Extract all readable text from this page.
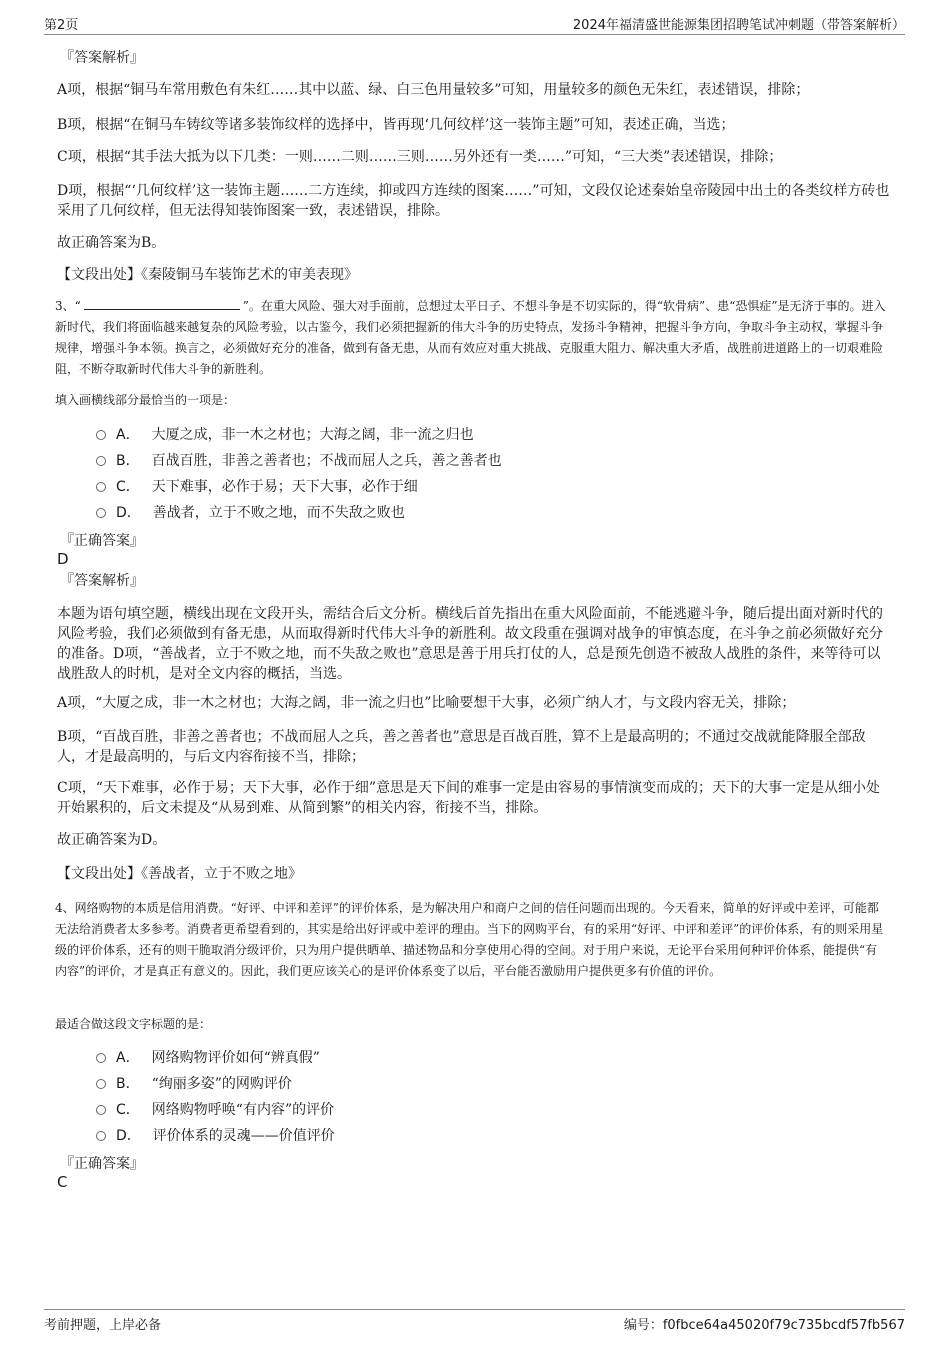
第2页	2024年福清盛世能源集团招聘笔试冲刺题（带答案解析）
『答案解析』
A项，根据“铜马车常用敷色有朱红……其中以蓝、绿、白三色用量较多”可知，用量较多的颜色无朱红，表述错误，排除；
B项，根据“在铜马车铸纹等诸多装饰纹样的选择中，皆再现‘几何纹样’这一装饰主题”可知，表述正确，当选；
C项，根据“其手法大抵为以下几类：一则……二则……三则……另外还有一类……”可知，“三大类”表述错误，排除；
D项，根据“‘几何纹样’这一装饰主题……二方连续，抑或四方连续的图案……”可知，文段仅论述秦始皇帝陵园中出土的各类纹样方砖也采用了几何纹样，但无法得知装饰图案一致，表述错误，排除。
故正确答案为B。
【文段出处】《秦陵铜马车装饰艺术的审美表现》
3、“	”。在重大风险、强大对手面前，总想过太平日子、不想斗争是不切实际的，得“软骨病”、患“恐惧症”是无济于事的。进入新时代，我们将面临越来越复杂的风险考验，以古鉴今，我们必须把握新的伟大斗争的历史特点，发扬斗争精神，把握斗争方向，争取斗争主动权，掌握斗争规律，增强斗争本领。换言之，必须做好充分的准备，做到有备无患，从而有效应对重大挑战、克服重大阻力、解决重大矛盾，战胜前进道路上的一切艰难险阻，不断夺取新时代伟大斗争的新胜利。
填入画横线部分最恰当的一项是：
A． 大厦之成，非一木之材也；大海之阔，非一流之归也
B． 百战百胜，非善之善者也；不战而屈人之兵，善之善者也
C． 天下难事，必作于易；天下大事，必作于细
D． 善战者，立于不败之地，而不失敌之败也
『正确答案』
D
『答案解析』
本题为语句填空题，横线出现在文段开头，需结合后文分析。横线后首先指出在重大风险面前，不能逃避斗争，随后提出面对新时代的风险考验，我们必须做到有备无患，从而取得新时代伟大斗争的新胜利。故文段重在强调对战争的审慎态度，在斗争之前必须做好充分的准备。D项，“善战者，立于不败之地，而不失敌之败也”意思是善于用兵打仗的人，总是预先创造不被敌人战胜的条件，来等待可以战胜敌人的时机，是对全文内容的概括，当选。
A项，“大厦之成，非一木之材也；大海之阔，非一流之归也”比喻要想干大事，必须广纳人才，与文段内容无关，排除；
B项，“百战百胜，非善之善者也；不战而屈人之兵，善之善者也”意思是百战百胜，算不上是最高明的；不通过交战就能降服全部敌人，才是最高明的，与后文内容衔接不当，排除；
C项，“天下难事，必作于易；天下大事，必作于细”意思是天下间的难事一定是由容易的事情演变而成的；天下的大事一定是从细小处开始累积的，后文未提及“从易到难、从简到繁”的相关内容，衔接不当，排除。
故正确答案为D。
【文段出处】《善战者，立于不败之地》
4、网络购物的本质是信用消费。“好评、中评和差评”的评价体系，是为解决用户和商户之间的信任问题而出现的。今天看来，简单的好评或中差评，可能都无法给消费者太多参考。消费者更希望看到的，其实是给出好评或中差评的理由。当下的网购平台，有的采用“好评、中评和差评”的评价体系，有的则采用星级的评价体系，还有的则干脆取消分级评价，只为用户提供晒单、描述物品和分享使用心得的空间。对于用户来说，无论平台采用何种评价体系，能提供“有内容”的评价，才是真正有意义的。因此，我们更应该关心的是评价体系变了以后，平台能否激励用户提供更多有价值的评价。
最适合做这段文字标题的是：
A． 网络购物评价如何“辨真假”
B． “绚丽多姿”的网购评价
C． 网络购物呼唤“有内容”的评价
D． 评价体系的灵魂——价值评价
『正确答案』
C
考前押题，上岸必备	编号：f0fbce64a45020f79c735bcdf57fb567
